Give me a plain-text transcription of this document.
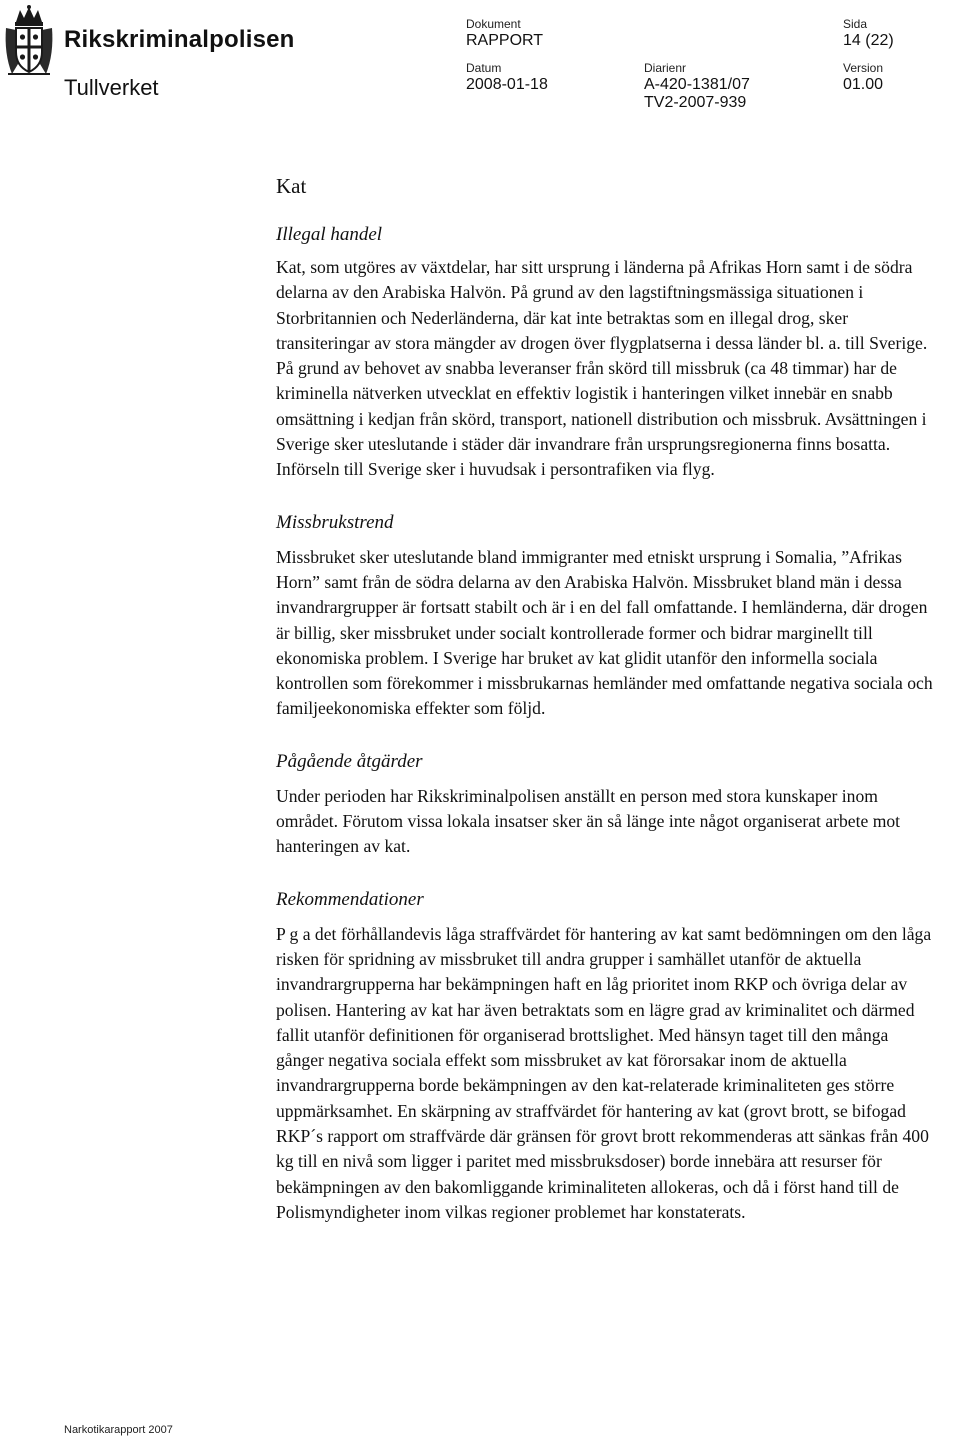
Rikskriminalpolisen
Tullverket
Dokument
RAPPORT
Sida
14 (22)
Datum
2008-01-18
Diarienr
A-420-1381/07
TV2-2007-939
Version
01.00
Kat
Illegal handel

Kat, som utgöres av växtdelar, har sitt ursprung i länderna på Afrikas Horn samt i de södra delarna av den Arabiska Halvön. På grund av den lagstiftningsmässiga situationen i Storbritannien och Nederländerna, där kat inte betraktas som en illegal drog, sker transiteringar av stora mängder av drogen över flygplatserna i dessa länder bl. a. till Sverige. På grund av behovet av snabba leveranser från skörd till missbruk (ca 48 timmar) har de kriminella nätverken utvecklat en effektiv logistik i hanteringen vilket innebär en snabb omsättning i kedjan från skörd, transport, nationell distribution och missbruk. Avsättningen i Sverige sker uteslutande i städer där invandrare från ursprungsregionerna finns bosatta. Införseln till Sverige sker i huvudsak i persontrafiken via flyg.

Missbrukstrend

Missbruket sker uteslutande bland immigranter med etniskt ursprung i Somalia, ”Afrikas Horn” samt från de södra delarna av den Arabiska Halvön. Missbruket bland män i dessa invandrargrupper är fortsatt stabilt och är i en del fall omfattande. I hemländerna, där drogen är billig, sker missbruket under socialt kontrollerade former och bidrar marginellt till ekonomiska problem. I Sverige har bruket av kat glidit utanför den informella sociala kontrollen som förekommer i missbrukarnas hemländer med omfattande negativa sociala och familjeekonomiska effekter som följd.

Pågående åtgärder

Under perioden har Rikskriminalpolisen anställt en person med stora kunskaper inom området. Förutom vissa lokala insatser sker än så länge inte något organiserat arbete mot hanteringen av kat.

Rekommendationer

P g a det förhållandevis låga straffvärdet för hantering av kat samt bedömningen om den låga risken för spridning av missbruket till andra grupper i samhället utanför de aktuella invandrargrupperna har bekämpningen haft en låg prioritet inom RKP och övriga delar av polisen. Hantering av kat har även betraktats som en lägre grad av kriminalitet och därmed fallit utanför definitionen för organiserad brottslighet. Med hänsyn taget till den många gånger negativa sociala effekt som missbruket av kat förorsakar inom de aktuella invandrargrupperna borde bekämpningen av den kat-relaterade kriminaliteten ges större uppmärksamhet. En skärpning av straffvärdet för hantering av kat (grovt brott, se bifogad RKP´s rapport om straffvärde där gränsen för grovt brott rekommenderas att sänkas från 400 kg till en nivå som ligger i paritet med missbruksdoser) borde innebära att resurser för bekämpningen av den bakomliggande kriminaliteten allokeras, och då i först hand till de Polismyndigheter inom vilkas regioner problemet har konstaterats.

Narkotikarapport 2007
